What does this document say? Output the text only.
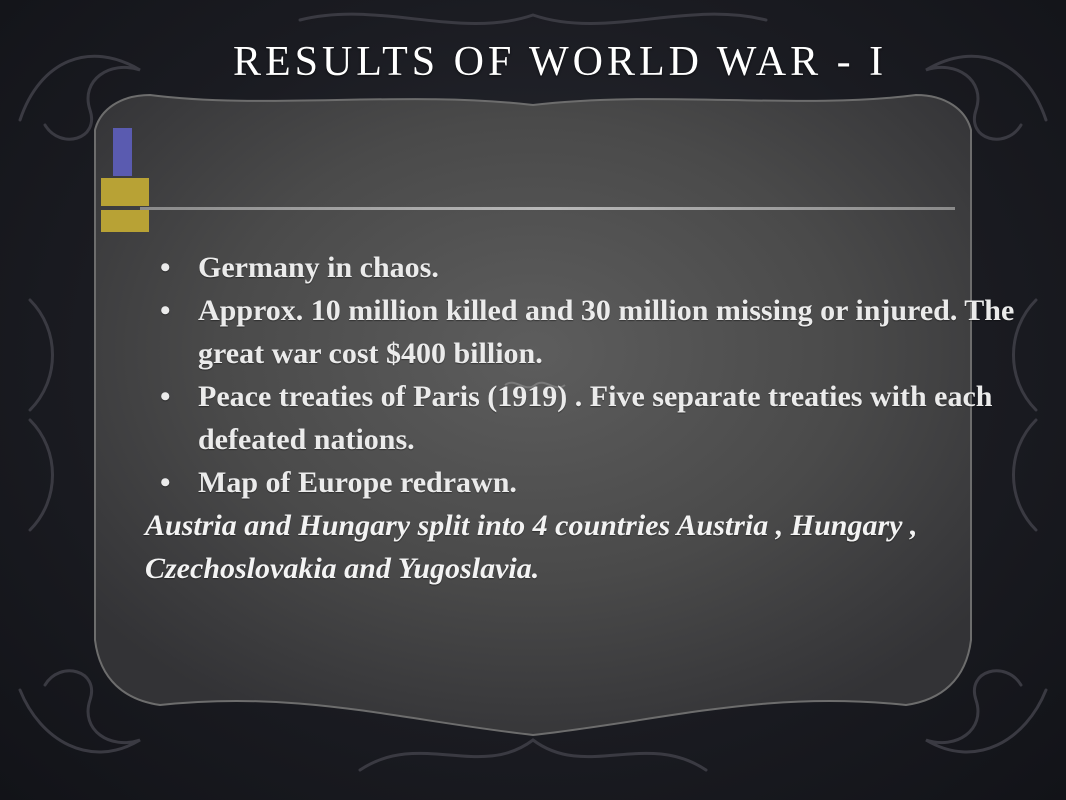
RESULTS OF WORLD WAR - I
• Germany in chaos.
• Approx. 10 million killed and 30 million missing or injured. The great war cost $400 billion.
• Peace treaties of Paris (1919) . Five separate treaties with each defeated nations.
• Map of Europe redrawn.

Austria and Hungary split into 4 countries Austria , Hungary , Czechoslovakia and Yugoslavia.
